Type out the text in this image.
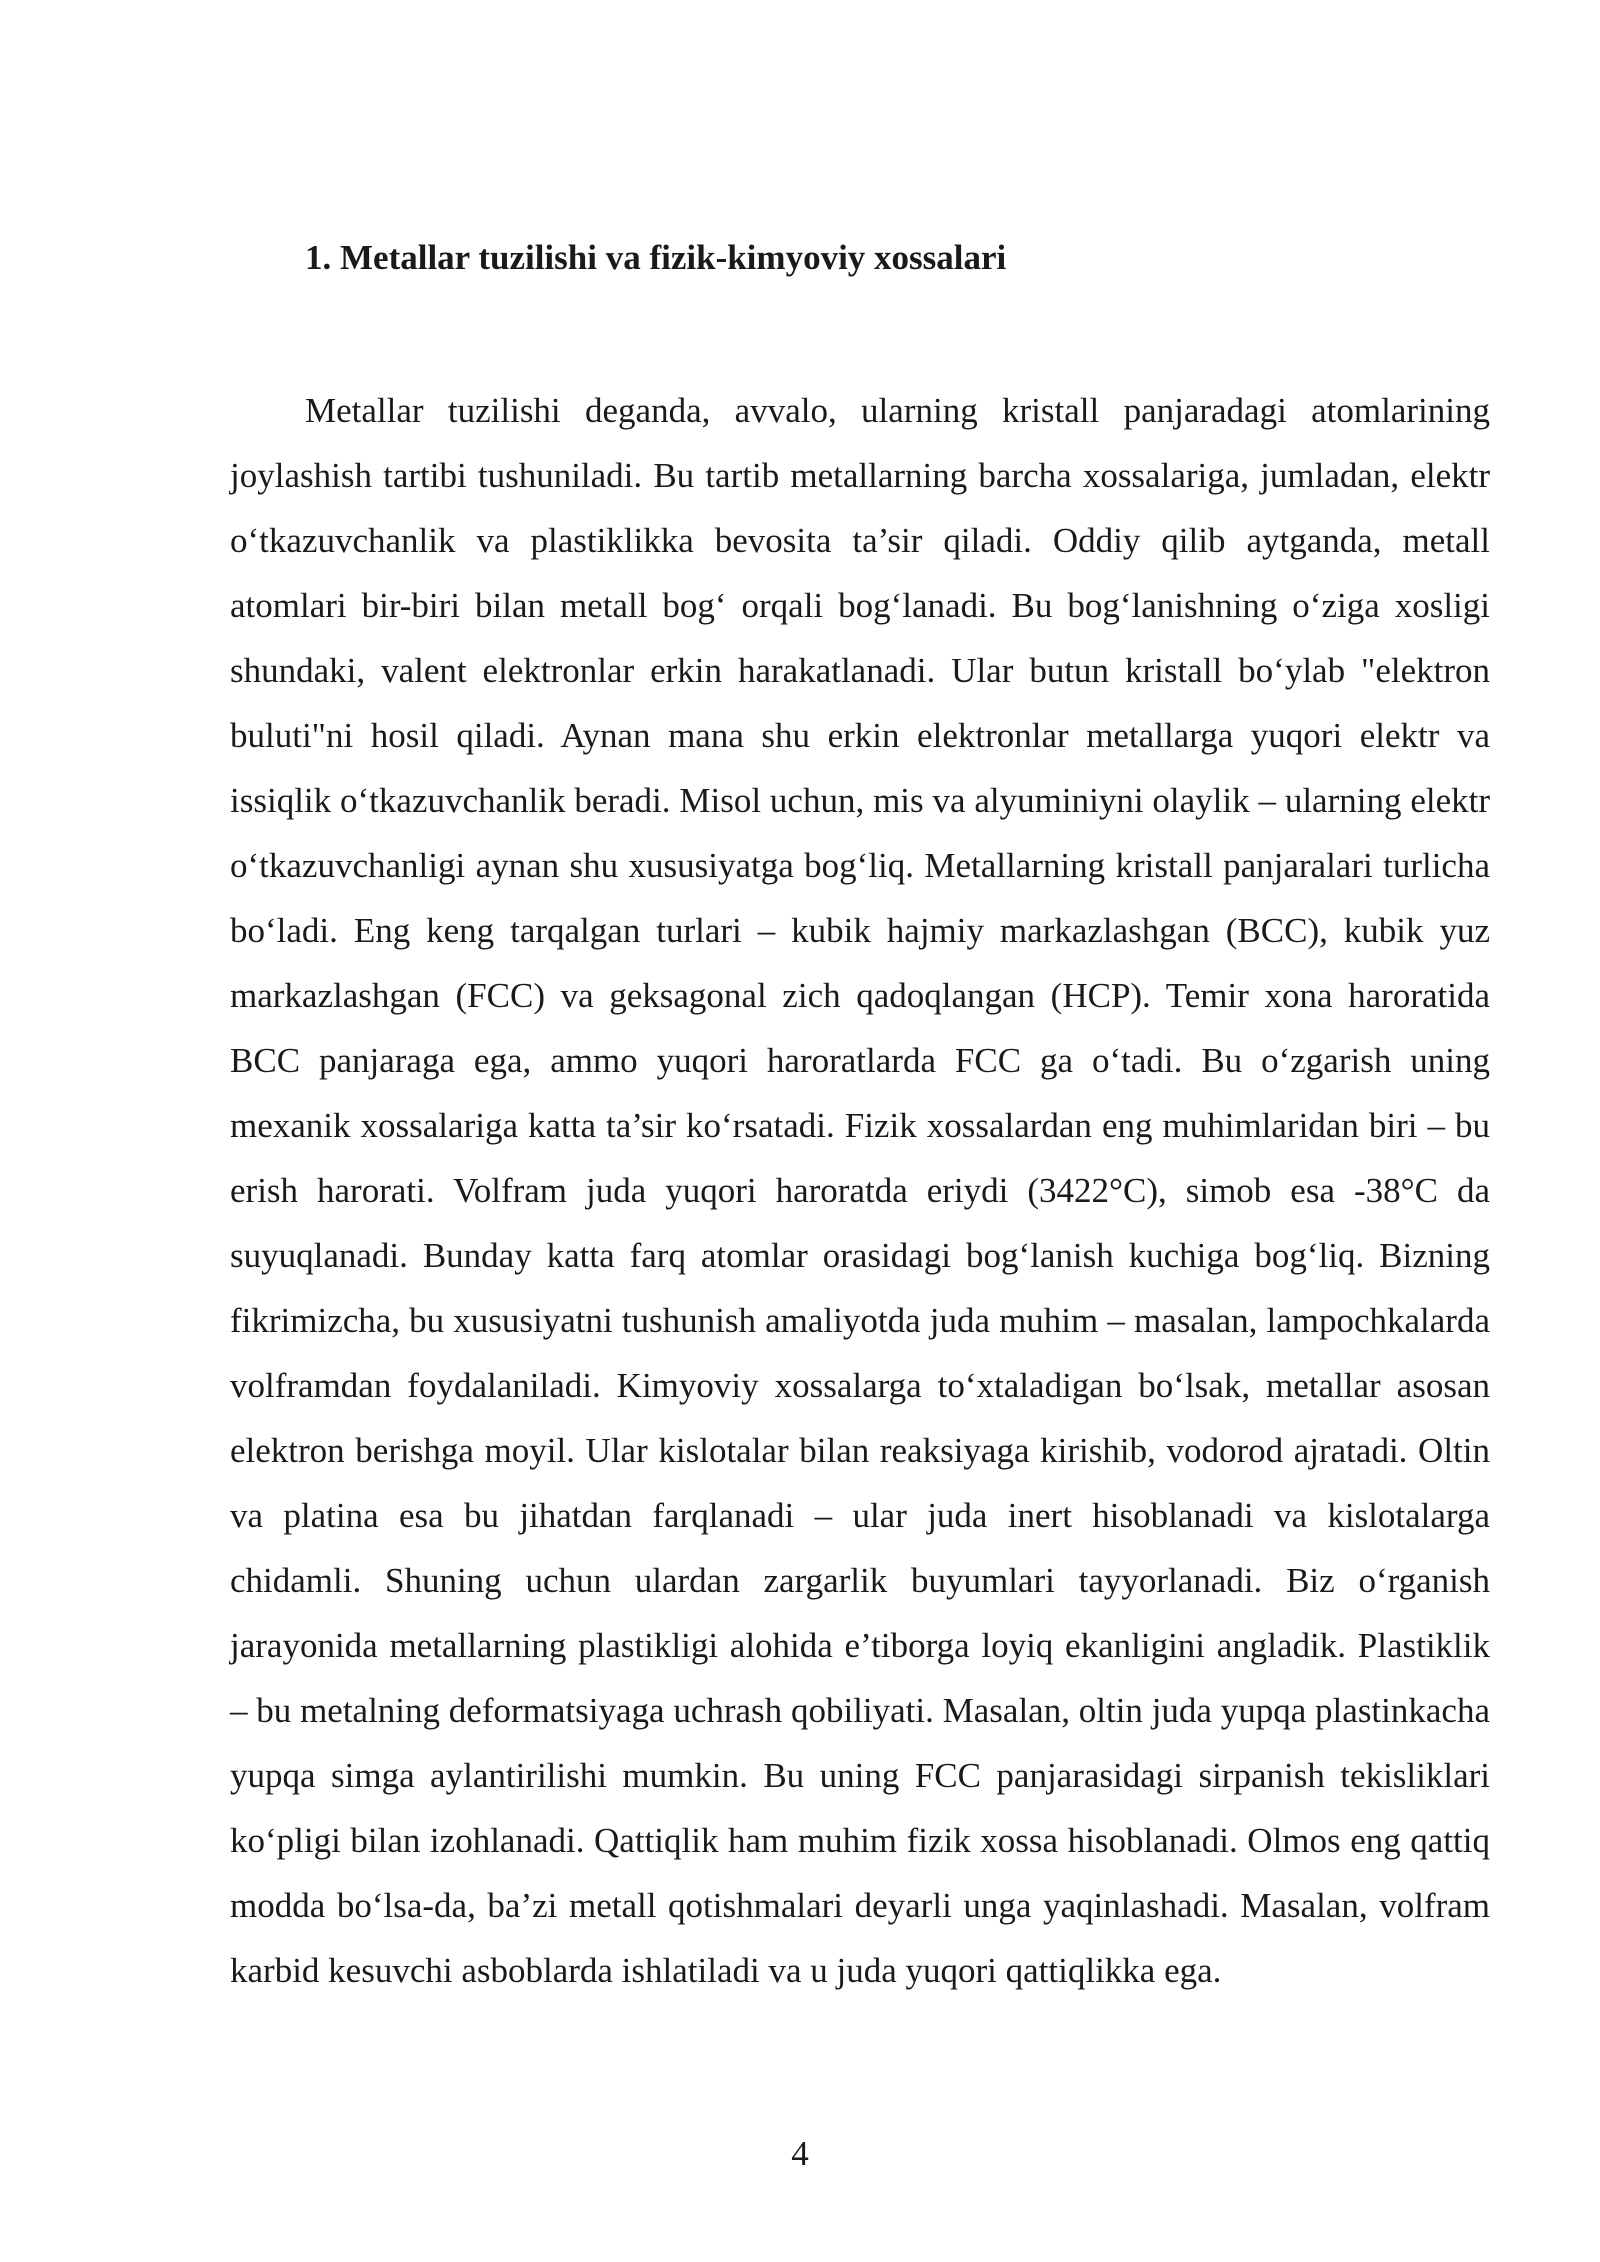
1. Metallar tuzilishi va fizik-kimyoviy xossalari

Metallar tuzilishi deganda, avvalo, ularning kristall panjaradagi atomlarining joylashish tartibi tushuniladi. Bu tartib metallarning barcha xossalariga, jumladan, elektr o‘tkazuvchanlik va plastiklikka bevosita ta’sir qiladi. Oddiy qilib aytganda, metall atomlari bir-biri bilan metall bog‘ orqali bog‘lanadi. Bu bog‘lanishning o‘ziga xosligi shundaki, valent elektronlar erkin harakatlanadi. Ular butun kristall bo‘ylab "elektron buluti"ni hosil qiladi. Aynan mana shu erkin elektronlar metallarga yuqori elektr va issiqlik o‘tkazuvchanlik beradi. Misol uchun, mis va alyuminiyni olaylik – ularning elektr o‘tkazuvchanligi aynan shu xususiyatga bog‘liq. Metallarning kristall panjaralari turlicha bo‘ladi. Eng keng tarqalgan turlari – kubik hajmiy markazlashgan (BCC), kubik yuz markazlashgan (FCC) va geksagonal zich qadoqlangan (HCP). Temir xona haroratida BCC panjaraga ega, ammo yuqori haroratlarda FCC ga o‘tadi. Bu o‘zgarish uning mexanik xossalariga katta ta’sir ko‘rsatadi. Fizik xossalardan eng muhimlaridan biri – bu erish harorati. Volfram juda yuqori haroratda eriydi (3422°C), simob esa -38°C da suyuqlanadi. Bunday katta farq atomlar orasidagi bog‘lanish kuchiga bog‘liq. Bizning fikrimizcha, bu xususiyatni tushunish amaliyotda juda muhim – masalan, lampochkalarda volframdan foydalaniladi. Kimyoviy xossalarga to‘xtaladigan bo‘lsak, metallar asosan elektron berishga moyil. Ular kislotalar bilan reaksiyaga kirishib, vodorod ajratadi. Oltin va platina esa bu jihatdan farqlanadi – ular juda inert hisoblanadi va kislotalarga chidamli. Shuning uchun ulardan zargarlik buyumlari tayyorlanadi. Biz o‘rganish jarayonida metallarning plastikligi alohida e’tiborga loyiq ekanligini angladik. Plastiklik – bu metalning deformatsiyaga uchrash qobiliyati. Masalan, oltin juda yupqa plastinkacha yupqa simga aylantirilishi mumkin. Bu uning FCC panjarasidagi sirpanish tekisliklari ko‘pligi bilan izohlanadi. Qattiqlik ham muhim fizik xossa hisoblanadi. Olmos eng qattiq modda bo‘lsa-da, ba’zi metall qotishmalari deyarli unga yaqinlashadi. Masalan, volfram karbid kesuvchi asboblarda ishlatiladi va u juda yuqori qattiqlikka ega.

4
